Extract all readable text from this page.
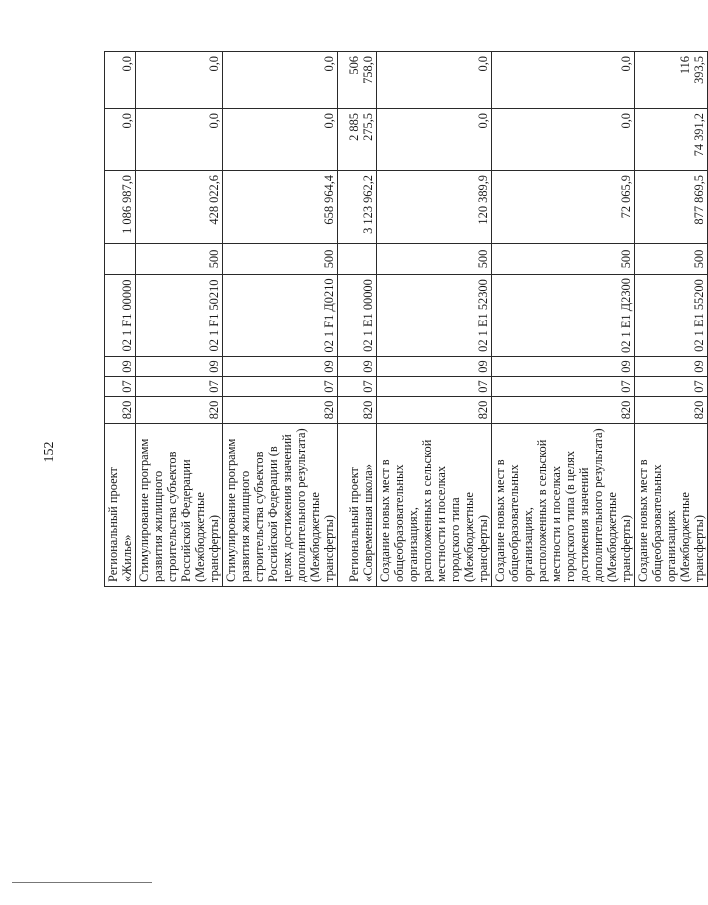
152
Региональный проект «Жилье»	820	07	09	02 1 F1 00000		1 086 987,0	0,0	0,0
Стимулирование программ развития жилищного строительства субъектов Российской Федерации (Межбюджетные трансферты)	820	07	09	02 1 F1 50210	500	428 022,6	0,0	0,0
Стимулирование программ развития жилищного строительства субъектов Российской Федерации (в целях достижения значений дополнительного результата) (Межбюджетные трансферты)	820	07	09	02 1 F1 Д0210	500	658 964,4	0,0	0,0
Региональный проект «Современная школа»	820	07	09	02 1 E1 00000		3 123 962,2	2 885 275,5	506 758,0
Создание новых мест в общеобразовательных организациях, расположенных в сельской местности и поселках городского типа (Межбюджетные трансферты)	820	07	09	02 1 E1 52300	500	120 389,9	0,0	0,0
Создание новых мест в общеобразовательных организациях, расположенных в сельской местности и поселках городского типа (в целях достижения значений дополнительного результата) (Межбюджетные трансферты)	820	07	09	02 1 E1 Д2300	500	72 065,9	0,0	0,0
Создание новых мест в общеобразовательных организациях (Межбюджетные трансферты)	820	07	09	02 1 E1 55200	500	877 869,5	74 391,2	116 393,5
